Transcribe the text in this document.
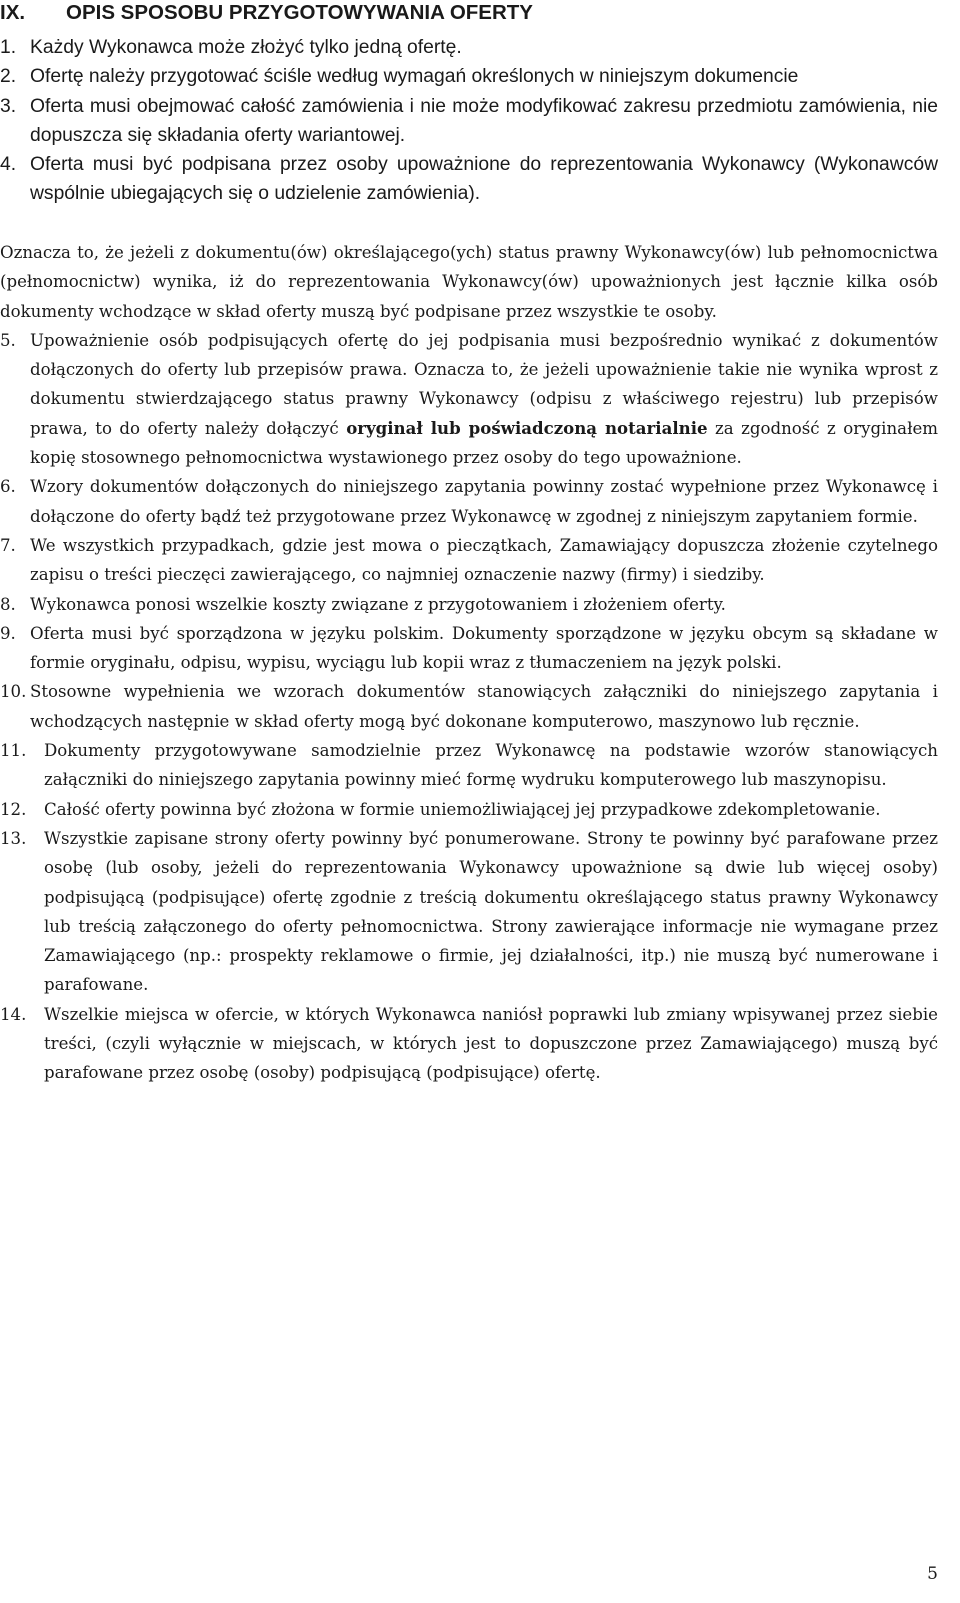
IX. OPIS SPOSOBU PRZYGOTOWYWANIA OFERTY
1. Każdy Wykonawca może złożyć tylko jedną ofertę.
2. Ofertę należy przygotować ściśle według wymagań określonych w niniejszym dokumencie
3. Oferta musi obejmować całość zamówienia i nie może modyfikować zakresu przedmiotu zamówienia, nie dopuszcza się składania oferty wariantowej.
4. Oferta musi być podpisana przez osoby upoważnione do reprezentowania Wykonawcy (Wykonawców wspólnie ubiegających się o udzielenie zamówienia).
Oznacza to, że jeżeli z dokumentu(ów) określającego(ych) status prawny Wykonawcy(ów) lub pełnomocnictwa (pełnomocnictw) wynika, iż do reprezentowania Wykonawcy(ów) upoważnionych jest łącznie kilka osób dokumenty wchodzące w skład oferty muszą być podpisane przez wszystkie te osoby.
5. Upoważnienie osób podpisujących ofertę do jej podpisania musi bezpośrednio wynikać z dokumentów dołączonych do oferty lub przepisów prawa. Oznacza to, że jeżeli upoważnienie takie nie wynika wprost z dokumentu stwierdzającego status prawny Wykonawcy (odpisu z właściwego rejestru) lub przepisów prawa, to do oferty należy dołączyć oryginał lub poświadczoną notarialnie za zgodność z oryginałem kopię stosownego pełnomocnictwa wystawionego przez osoby do tego upoważnione.
6. Wzory dokumentów dołączonych do niniejszego zapytania powinny zostać wypełnione przez Wykonawcę i dołączone do oferty bądź też przygotowane przez Wykonawcę w zgodnej z niniejszym zapytaniem formie.
7. We wszystkich przypadkach, gdzie jest mowa o pieczątkach, Zamawiający dopuszcza złożenie czytelnego zapisu o treści pieczęci zawierającego, co najmniej oznaczenie nazwy (firmy) i siedziby.
8. Wykonawca ponosi wszelkie koszty związane z przygotowaniem i złożeniem oferty.
9. Oferta musi być sporządzona w języku polskim. Dokumenty sporządzone w języku obcym są składane w formie oryginału, odpisu, wypisu, wyciągu lub kopii wraz z tłumaczeniem na język polski.
10. Stosowne wypełnienia we wzorach dokumentów stanowiących załączniki do niniejszego zapytania i wchodzących następnie w skład oferty mogą być dokonane komputerowo, maszynowo lub ręcznie.
11. Dokumenty przygotowywane samodzielnie przez Wykonawcę na podstawie wzorów stanowiących załączniki do niniejszego zapytania powinny mieć formę wydruku komputerowego lub maszynopisu.
12. Całość oferty powinna być złożona w formie uniemożliwiającej jej przypadkowe zdekompletowanie.
13. Wszystkie zapisane strony oferty powinny być ponumerowane. Strony te powinny być parafowane przez osobę (lub osoby, jeżeli do reprezentowania Wykonawcy upoważnione są dwie lub więcej osoby) podpisującą (podpisujące) ofertę zgodnie z treścią dokumentu określającego status prawny Wykonawcy lub treścią załączonego do oferty pełnomocnictwa. Strony zawierające informacje nie wymagane przez Zamawiającego (np.: prospekty reklamowe o firmie, jej działalności, itp.) nie muszą być numerowane i parafowane.
14. Wszelkie miejsca w ofercie, w których Wykonawca naniósł poprawki lub zmiany wpisywanej przez siebie treści, (czyli wyłącznie w miejscach, w których jest to dopuszczone przez Zamawiającego) muszą być parafowane przez osobę (osoby) podpisującą (podpisujące) ofertę.
5
